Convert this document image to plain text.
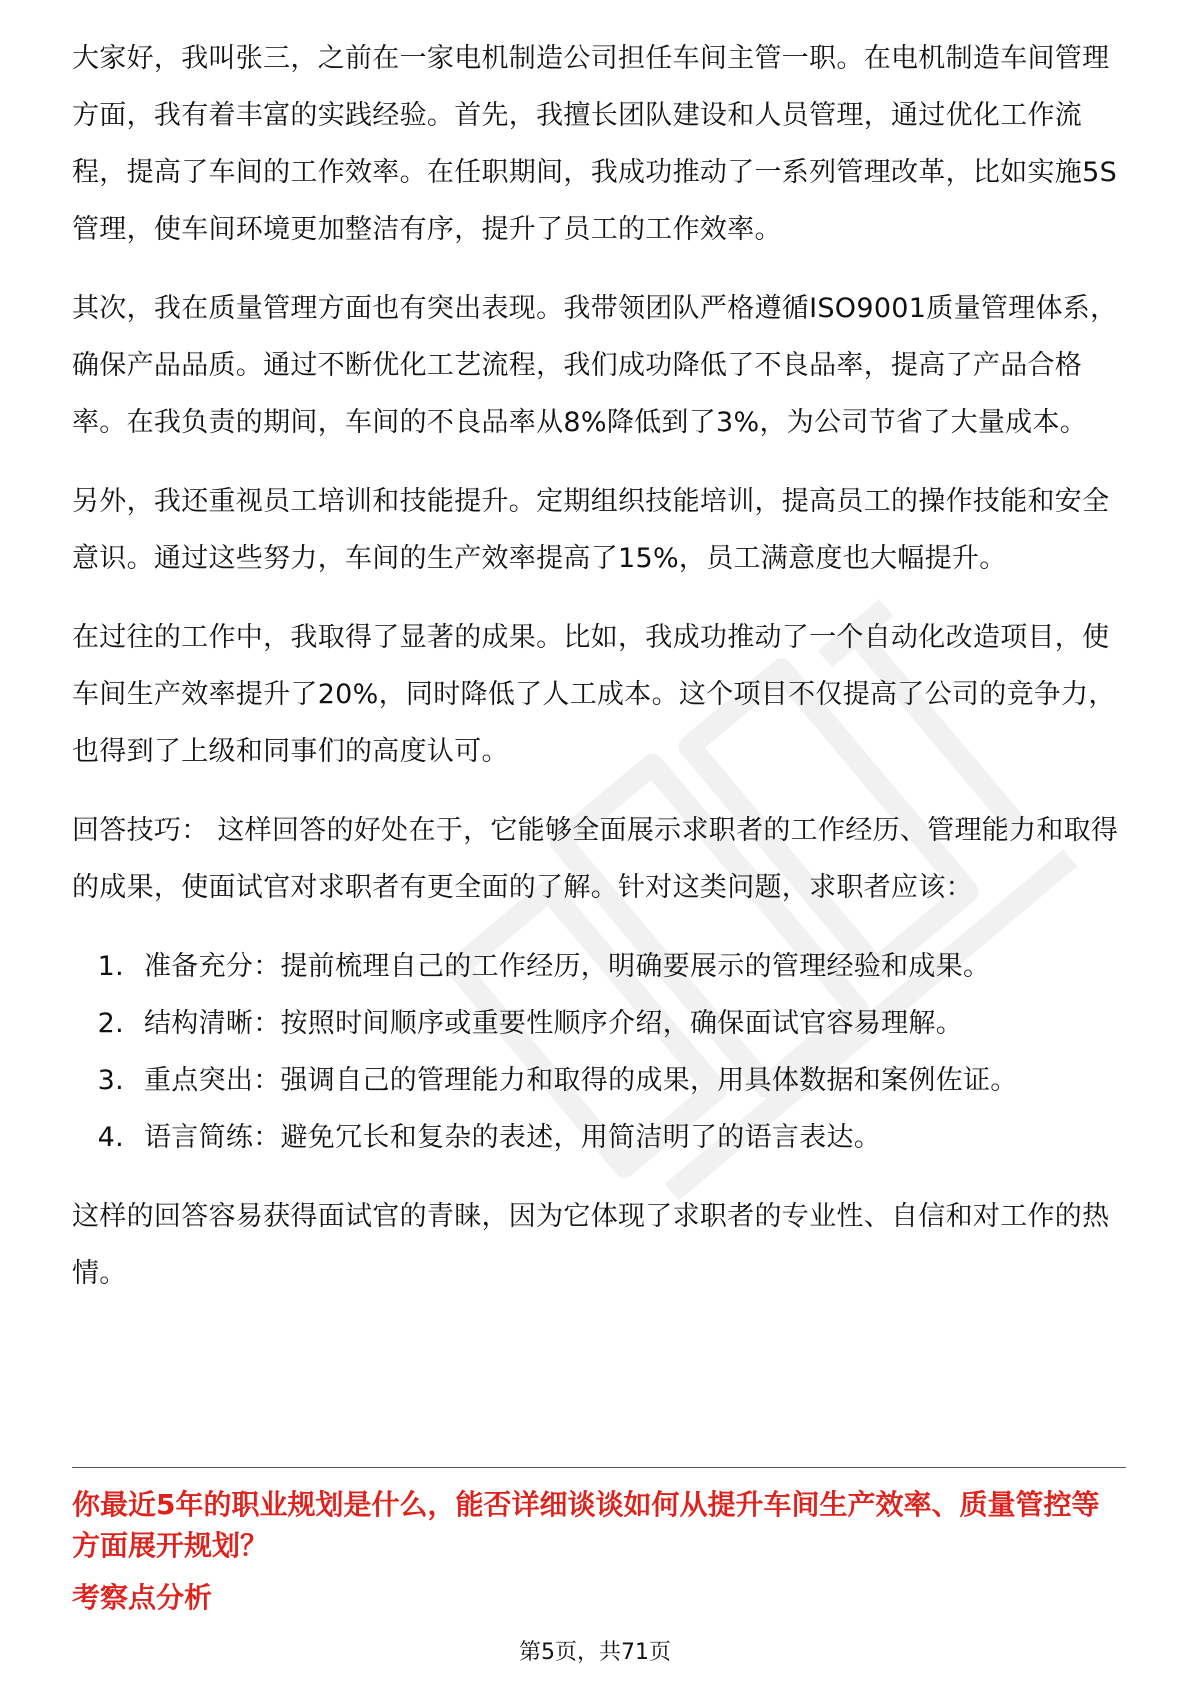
大家好，我叫张三，之前在一家电机制造公司担任车间主管一职。在电机制造车间管理方面，我有着丰富的实践经验。首先，我擅长团队建设和人员管理，通过优化工作流程，提高了车间的工作效率。在任职期间，我成功推动了一系列管理改革，比如实施5S管理，使车间环境更加整洁有序，提升了员工的工作效率。

其次，我在质量管理方面也有突出表现。我带领团队严格遵循ISO9001质量管理体系，确保产品品质。通过不断优化工艺流程，我们成功降低了不良品率，提高了产品合格率。在我负责的期间，车间的不良品率从8%降低到了3%，为公司节省了大量成本。

另外，我还重视员工培训和技能提升。定期组织技能培训，提高员工的操作技能和安全意识。通过这些努力，车间的生产效率提高了15%，员工满意度也大幅提升。

在过往的工作中，我取得了显著的成果。比如，我成功推动了一个自动化改造项目，使车间生产效率提升了20%，同时降低了人工成本。这个项目不仅提高了公司的竞争力，也得到了上级和同事们的高度认可。

回答技巧： 这样回答的好处在于，它能够全面展示求职者的工作经历、管理能力和取得的成果，使面试官对求职者有更全面的了解。针对这类问题，求职者应该：

1. 准备充分：提前梳理自己的工作经历，明确要展示的管理经验和成果。
2. 结构清晰：按照时间顺序或重要性顺序介绍，确保面试官容易理解。
3. 重点突出：强调自己的管理能力和取得的成果，用具体数据和案例佐证。
4. 语言简练：避免冗长和复杂的表述，用简洁明了的语言表达。

这样的回答容易获得面试官的青睐，因为它体现了求职者的专业性、自信和对工作的热情。

你最近5年的职业规划是什么，能否详细谈谈如何从提升车间生产效率、质量管控等方面展开规划？

考察点分析

第5页，共71页
